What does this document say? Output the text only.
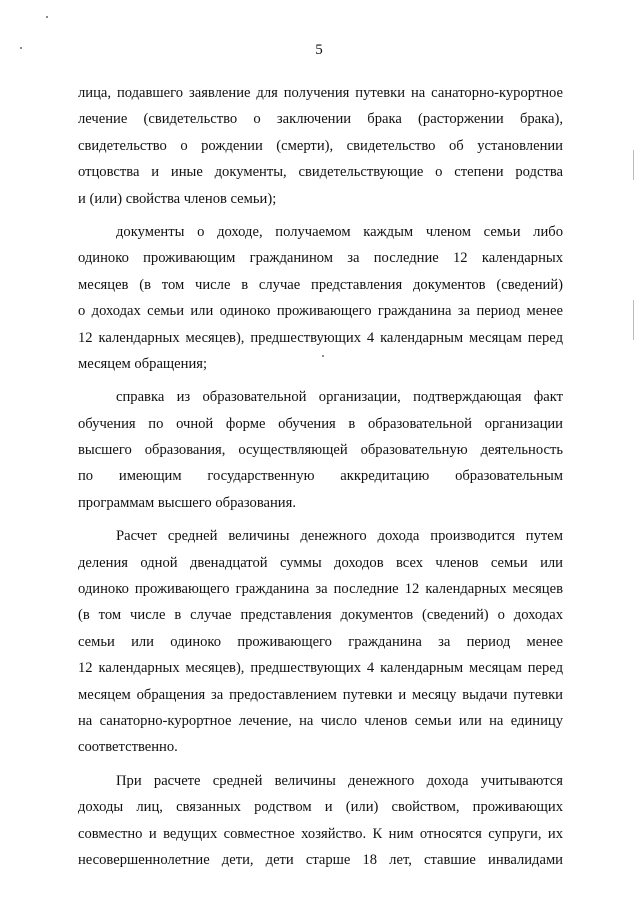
5
лица, подавшего заявление для получения путевки на санаторно-курортное
лечение (свидетельство о заключении брака (расторжении брака),
свидетельство о рождении (смерти), свидетельство об установлении
отцовства и иные документы, свидетельствующие о степени родства
и (или) свойства членов семьи);
документы о доходе, получаемом каждым членом семьи либо
одиноко проживающим гражданином за последние 12 календарных
месяцев (в том числе в случае представления документов (сведений)
о доходах семьи или одиноко проживающего гражданина за период менее
12 календарных месяцев), предшествующих 4 календарным месяцам перед
месяцем обращения;
справка из образовательной организации, подтверждающая факт
обучения по очной форме обучения в образовательной организации
высшего образования, осуществляющей образовательную деятельность
по имеющим государственную аккредитацию образовательным
программам высшего образования.
Расчет средней величины денежного дохода производится путем
деления одной двенадцатой суммы доходов всех членов семьи или
одиноко проживающего гражданина за последние 12 календарных месяцев
(в том числе в случае представления документов (сведений) о доходах
семьи или одиноко проживающего гражданина за период менее
12 календарных месяцев), предшествующих 4 календарным месяцам перед
месяцем обращения за предоставлением путевки и месяцу выдачи путевки
на санаторно-курортное лечение, на число членов семьи или на единицу
соответственно.
При расчете средней величины денежного дохода учитываются
доходы лиц, связанных родством и (или) свойством, проживающих
совместно и ведущих совместное хозяйство. К ним относятся супруги, их
несовершеннолетние дети, дети старше 18 лет, ставшие инвалидами
